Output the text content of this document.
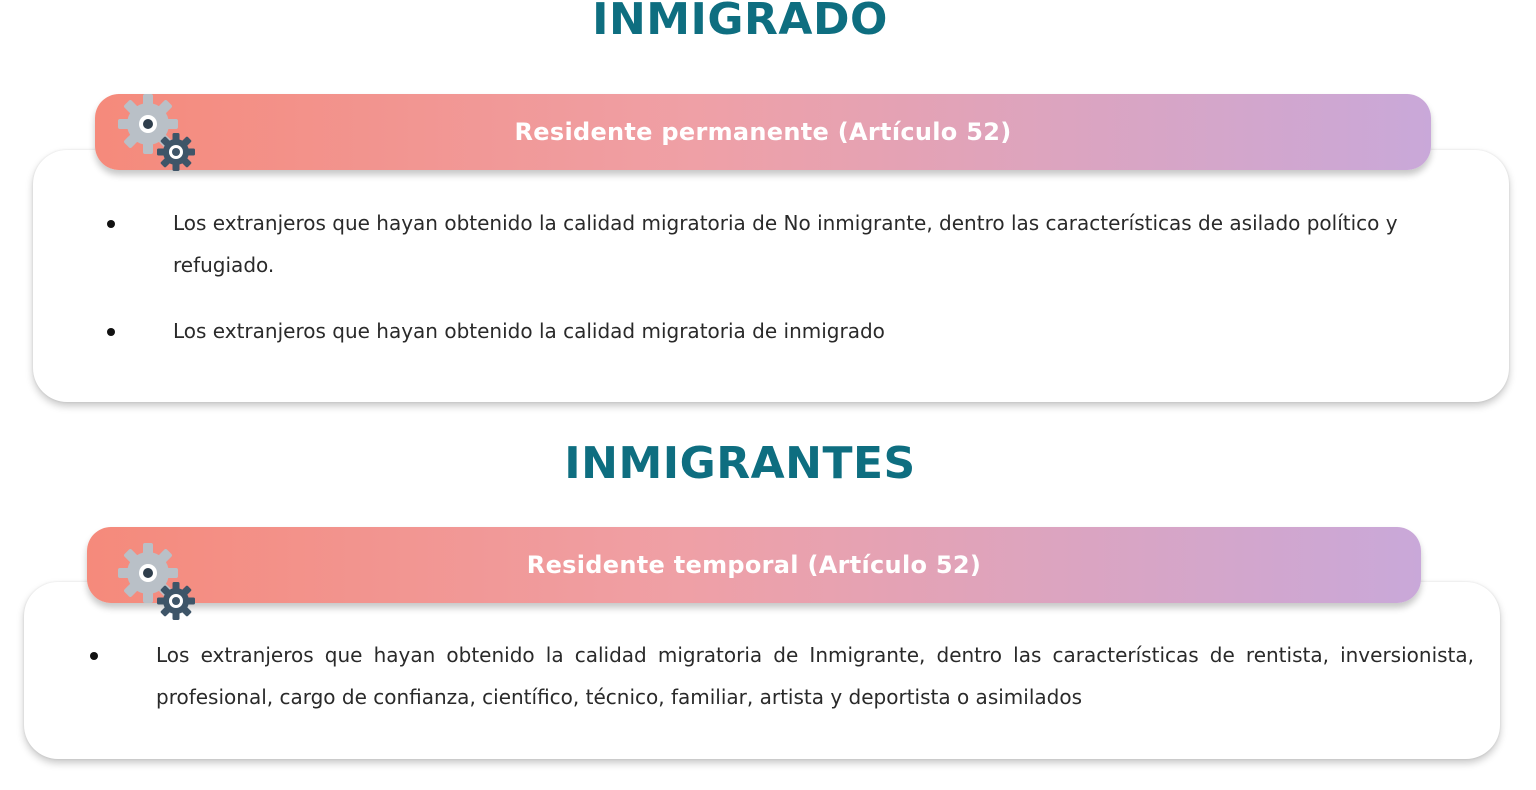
INMIGRADO
Residente permanente (Artículo 52)
Los extranjeros que hayan obtenido la calidad migratoria de No inmigrante, dentro las características de asilado político y refugiado.
Los extranjeros que hayan obtenido la calidad migratoria de inmigrado
INMIGRANTES
Residente temporal (Artículo 52)
Los extranjeros que hayan obtenido la calidad migratoria de Inmigrante, dentro las características de rentista, inversionista, profesional, cargo de confianza, científico, técnico, familiar, artista y deportista o asimilados
